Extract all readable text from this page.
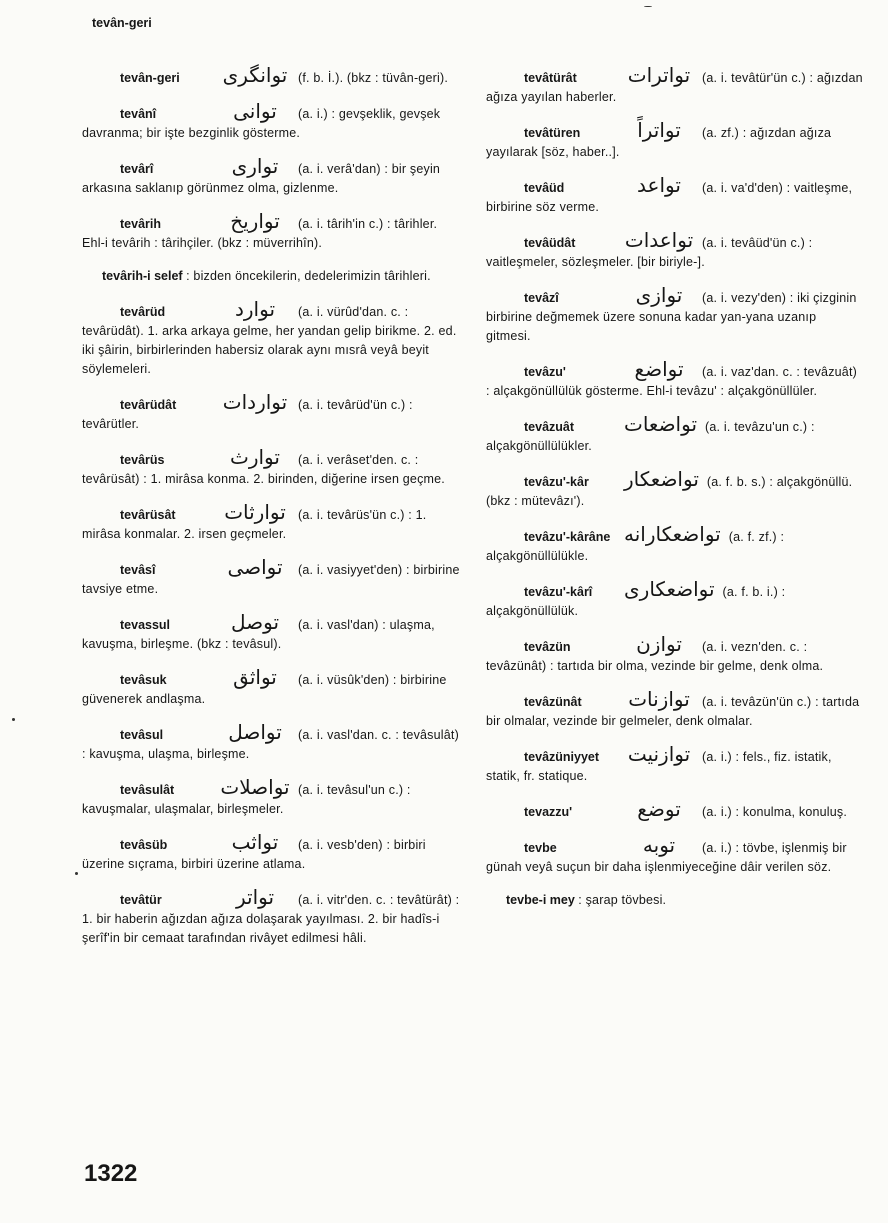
tevân-geri
tevân-geri توانگری (f. b. İ.). (bkz : tüvân-geri).
tevânî	توانی (a. i.) : gevşeklik, gevşek davranma; bir işte bezginlik gösterme.
tevârî	تواری (a. i. verâ'dan) : bir şeyin arkasına saklanıp görünmez olma, gizlenme.
tevârih	تواريخ (a. i. târih'in c.) : târihler. Ehl-i tevârih : târihçiler. (bkz : müverrihîn).
tevârih-i selef : bizden öncekilerin, dedelerimizin târihleri.
tevârüd	توارد (a. i. vürûd'dan. c. : tevârüdât). 1. arka arkaya gelme, her yandan gelip birikme. 2. ed. iki şâirin, birbirlerinden habersiz olarak aynı mısrâ veyâ beyit söylemeleri.
tevârüdât تواردات (a. i. tevârüd'ün c.) : tevârütler.
tevârüs	توارث (a. i. verâset'den. c. : tevârüsât) : 1. mirâsa konma. 2. birinden, diğerine irsen geçme.
tevârüsât توارثات (a. i. tevârüs'ün c.) : 1. mirâsa konmalar. 2. irsen geçmeler.
tevâsî	تواصی (a. i. vasiyyet'den) : birbirine tavsiye etme.
tevassul	توصل (a. i. vasl'dan) : ulaşma, kavuşma, birleşme. (bkz : tevâsul).
tevâsuk	تواثق (a. i. vüsûk'den) : birbirine güvenerek andlaşma.
tevâsul	تواصل (a. i. vasl'dan. c. : tevâsulât) : kavuşma, ulaşma, birleşme.
tevâsulât تواصلات (a. i. tevâsul'un c.) : kavuşmalar, ulaşmalar, birleşmeler.
tevâsüb	تواثب (a. i. vesb'den) : birbiri üzerine sıçrama, birbiri üzerine atlama.
tevâtür	تواتر (a. i. vitr'den. c. : tevâtürât) : 1. bir haberin ağızdan ağıza dolaşarak yayılması. 2. bir hadîs-i şerîf'in bir cemaat tarafından rivâyet edilmesi hâli.
tevâtürât	تواترات (a. i. tevâtür'ün c.) : ağızdan ağıza yayılan haberler.
tevâtüren	تواتراً (a. zf.) : ağızdan ağıza yayılarak [söz, haber..].
tevâüd	تواعد (a. i. va'd'den) : vaitleşme, birbirine söz verme.
tevâüdât تواعدات (a. i. tevâüd'ün c.) : vaitleşmeler, sözleşmeler. [bir biriyle-].
tevâzî	توازی (a. i. vezy'den) : iki çizginin birbirine değmemek üzere sonuna kadar yan-yana uzanıp gitmesi.
tevâzu'	تواضع (a. i. vaz'dan. c. : tevâzuât) : alçakgönüllülük gösterme. Ehl-i tevâzu' : alçakgönüllüler.
tevâzuât تواضعات (a. i. tevâzu'un c.) : alçakgönüllülükler.
tevâzu'-kâr تواضعكار (a. f. b. s.) : alçakgönüllü. (bkz : mütevâzı').
tevâzu'-kârâne تواضعكارانه (a. f. zf.) : alçakgönüllülükle.
tevâzu'-kârî تواضعكاری (a. f. b. i.) : alçakgönüllülük.
tevâzün	توازن (a. i. vezn'den. c. : tevâzünât) : tartıda bir olma, vezinde bir gelme, denk olma.
tevâzünât توازنات (a. i. tevâzün'ün c.) : tartıda bir olmalar, vezinde bir gelmeler, denk olmalar.
tevâzüniyyet توازنیت (a. i.) : fels., fiz. istatik, statik, fr. statique.
tevazzu'	توضع (a. i.) : konulma, konuluş.
tevbe	توبه (a. i.) : tövbe, işlenmiş bir günah veyâ suçun bir daha işlenmiyeceğine dâir verilen söz.
tevbe-i mey : şarap tövbesi.
1322
